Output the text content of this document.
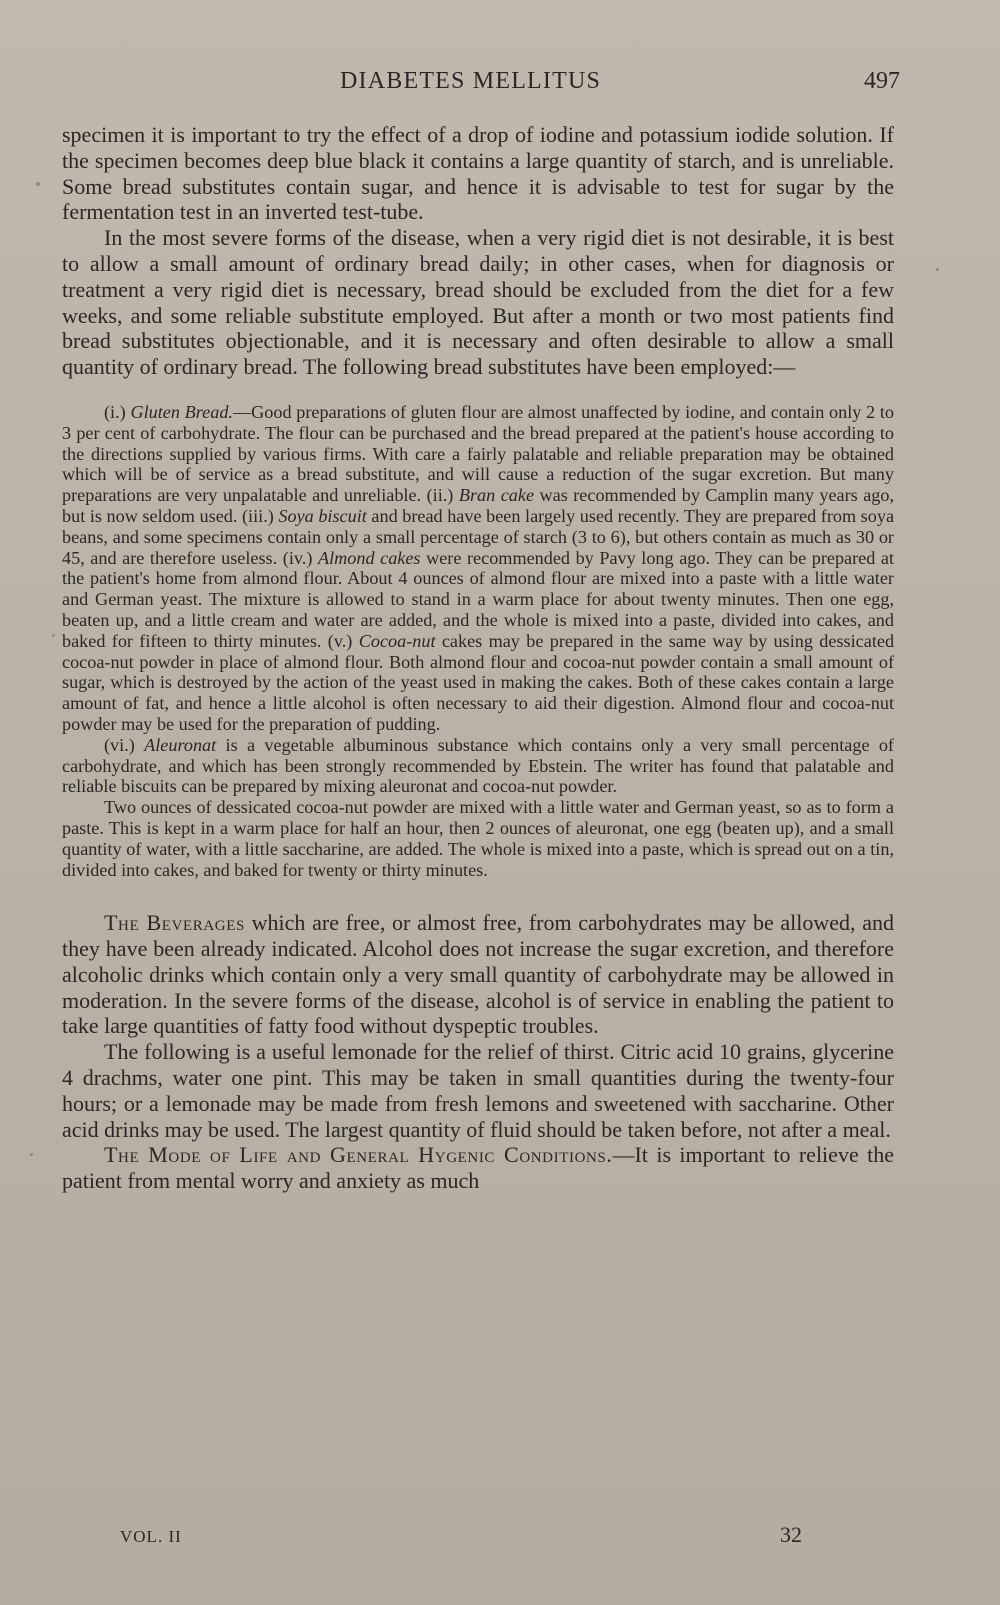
DIABETES MELLITUS	497

specimen it is important to try the effect of a drop of iodine and potassium iodide solution. If the specimen becomes deep blue black it contains a large quantity of starch, and is unreliable. Some bread substitutes contain sugar, and hence it is advisable to test for sugar by the fermentation test in an inverted test-tube.

In the most severe forms of the disease, when a very rigid diet is not desirable, it is best to allow a small amount of ordinary bread daily; in other cases, when for diagnosis or treatment a very rigid diet is necessary, bread should be excluded from the diet for a few weeks, and some reliable substitute employed. But after a month or two most patients find bread substitutes objectionable, and it is necessary and often desirable to allow a small quantity of ordinary bread. The following bread substitutes have been employed:—

(i.) Gluten Bread.—Good preparations of gluten flour are almost unaffected by iodine, and contain only 2 to 3 per cent of carbohydrate. The flour can be purchased and the bread prepared at the patient's house according to the directions supplied by various firms. With care a fairly palatable and reliable preparation may be obtained which will be of service as a bread substitute, and will cause a reduction of the sugar excretion. But many preparations are very unpalatable and unreliable. (ii.) Bran cake was recommended by Camplin many years ago, but is now seldom used. (iii.) Soya biscuit and bread have been largely used recently. They are prepared from soya beans, and some specimens contain only a small percentage of starch (3 to 6), but others contain as much as 30 or 45, and are therefore useless. (iv.) Almond cakes were recommended by Pavy long ago. They can be prepared at the patient's home from almond flour. About 4 ounces of almond flour are mixed into a paste with a little water and German yeast. The mixture is allowed to stand in a warm place for about twenty minutes. Then one egg, beaten up, and a little cream and water are added, and the whole is mixed into a paste, divided into cakes, and baked for fifteen to thirty minutes. (v.) Cocoa-nut cakes may be prepared in the same way by using dessicated cocoa-nut powder in place of almond flour. Both almond flour and cocoa-nut powder contain a small amount of sugar, which is destroyed by the action of the yeast used in making the cakes. Both of these cakes contain a large amount of fat, and hence a little alcohol is often necessary to aid their digestion. Almond flour and cocoa-nut powder may be used for the preparation of pudding.

(vi.) Aleuronat is a vegetable albuminous substance which contains only a very small percentage of carbohydrate, and which has been strongly recommended by Ebstein. The writer has found that palatable and reliable biscuits can be prepared by mixing aleuronat and cocoa-nut powder.

Two ounces of dessicated cocoa-nut powder are mixed with a little water and German yeast, so as to form a paste. This is kept in a warm place for half an hour, then 2 ounces of aleuronat, one egg (beaten up), and a small quantity of water, with a little saccharine, are added. The whole is mixed into a paste, which is spread out on a tin, divided into cakes, and baked for twenty or thirty minutes.

The Beverages which are free, or almost free, from carbohydrates may be allowed, and they have been already indicated. Alcohol does not increase the sugar excretion, and therefore alcoholic drinks which contain only a very small quantity of carbohydrate may be allowed in moderation. In the severe forms of the disease, alcohol is of service in enabling the patient to take large quantities of fatty food without dyspeptic troubles.

The following is a useful lemonade for the relief of thirst. Citric acid 10 grains, glycerine 4 drachms, water one pint. This may be taken in small quantities during the twenty-four hours; or a lemonade may be made from fresh lemons and sweetened with saccharine. Other acid drinks may be used. The largest quantity of fluid should be taken before, not after a meal.

The Mode of Life and General Hygenic Conditions.—It is important to relieve the patient from mental worry and anxiety as much

VOL. II	32
